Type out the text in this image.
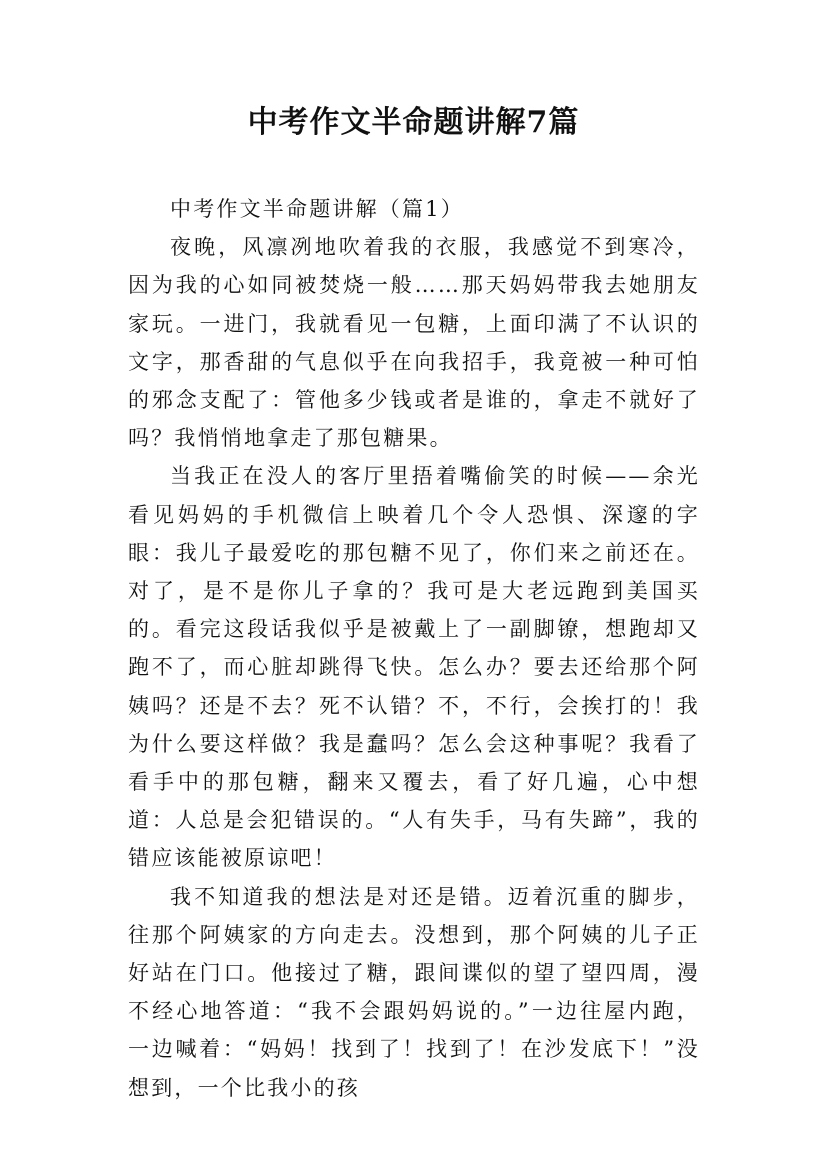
中考作文半命题讲解7篇

中考作文半命题讲解（篇1）

夜晚，风凛冽地吹着我的衣服，我感觉不到寒冷，因为我的心如同被焚烧一般……那天妈妈带我去她朋友家玩。一进门，我就看见一包糖，上面印满了不认识的文字，那香甜的气息似乎在向我招手，我竟被一种可怕的邪念支配了：管他多少钱或者是谁的，拿走不就好了吗？我悄悄地拿走了那包糖果。

当我正在没人的客厅里捂着嘴偷笑的时候——余光看见妈妈的手机微信上映着几个令人恐惧、深邃的字眼：我儿子最爱吃的那包糖不见了，你们来之前还在。对了，是不是你儿子拿的？我可是大老远跑到美国买的。看完这段话我似乎是被戴上了一副脚镣，想跑却又跑不了，而心脏却跳得飞快。怎么办？要去还给那个阿姨吗？还是不去？死不认错？不，不行，会挨打的！我为什么要这样做？我是蠢吗？怎么会这种事呢？我看了看手中的那包糖，翻来又覆去，看了好几遍，心中想道：人总是会犯错误的。“人有失手，马有失蹄”，我的错应该能被原谅吧！

我不知道我的想法是对还是错。迈着沉重的脚步，往那个阿姨家的方向走去。没想到，那个阿姨的儿子正好站在门口。他接过了糖，跟间谍似的望了望四周，漫不经心地答道：“我不会跟妈妈说的。”一边往屋内跑，一边喊着：“妈妈！找到了！找到了！在沙发底下！”没想到，一个比我小的孩
